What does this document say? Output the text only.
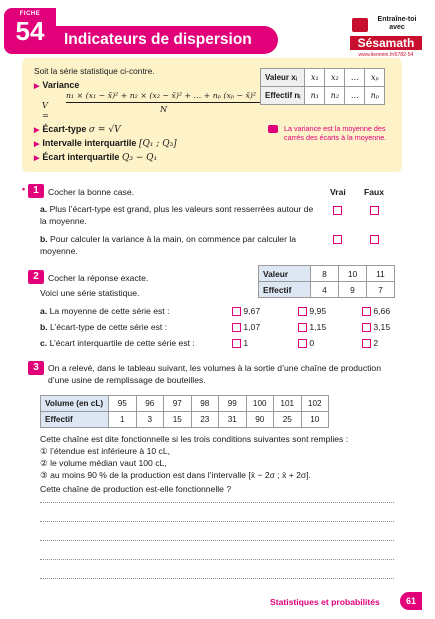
FICHE
54	Indicateurs de dispersion
Entraîne-toi avec
Sésamath
www.lienmini.fr/6782-54
Soit la série statistique ci-contre.
▶ Variance
V =
n₁ × (x₁ − x̄)² + n₂ × (x₂ − x̄)² + … + nₚ (xₚ − x̄)²
N
▶ Écart-type σ = √V
▶ Intervalle interquartile [Q₁ ; Q₃]
▶ Écart interquartile Q₃ − Q₁
Valeur xᵢ	x₁	x₂	…	xₚ
Effectif nᵢ	n₁	n₂	…	nₚ
La variance est la moyenne des carrés des écarts à la moyenne.
• 1	Cocher la bonne case.	Vrai Faux
a. Plus l’écart-type est grand, plus les valeurs sont resserrées autour de la moyenne.
b. Pour calculer la variance à la main, on commence par calculer la moyenne.
2	Cocher la réponse exacte.
Voici une série statistique.
Valeur	8	10	11
Effectif	4	9	7
a. La moyenne de cette série est :	9,67	9,95	6,66
b. L’écart-type de cette série est :	1,07	1,15	3,15
c. L’écart interquartile de cette série est :	1	0	2
3	On a relevé, dans le tableau suivant, les volumes à la sortie d’une chaîne de production d’une usine de remplissage de bouteilles.
Volume (en cL)	95	96	97	98	99	100	101	102
Effectif	1	3	15	23	31	90	25	10
Cette chaîne est dite fonctionnelle si les trois conditions suivantes sont remplies :
① l’étendue est inférieure à 10 cL,
② le volume médian vaut 100 cL,
③ au moins 90 % de la production est dans l’intervalle [x̄ − 2σ ; x̄ + 2σ].
Cette chaîne de production est-elle fonctionnelle ?
Statistiques et probabilités	61
